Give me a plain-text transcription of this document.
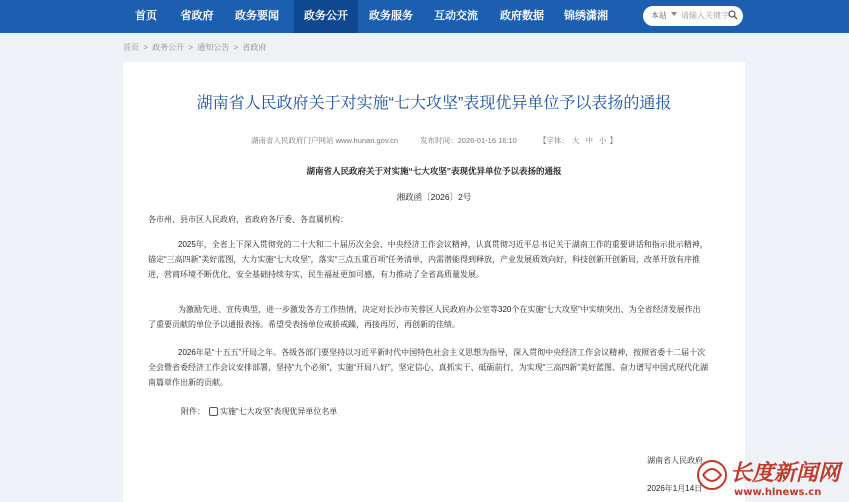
首页	省政府	政务要闻	政务公开	政务服务	互动交流	政府数据	锦绣潇湘	本站 请输入关键字
首页 > 政务公开 > 通知公告 > 省政府
湖南省人民政府关于对实施“七大攻坚”表现优异单位予以表扬的通报
湖南省人民政府门户网站 www.hunan.gov.cn	发布时间：2026-01-16 16:10	【字体： 大 中 小 】
湖南省人民政府关于对实施“七大攻坚”表现优异单位予以表扬的通报
湘政函〔2026〕2号
各市州、县市区人民政府，省政府各厅委、各直属机构：
2025年，全省上下深入贯彻党的二十大和二十届历次全会、中央经济工作会议精神，认真贯彻习近平总书记关于湖南工作的重要讲话和指示批示精神，锚定“三高四新”美好蓝图，大力实施“七大攻坚”，落实“三点五重百项”任务清单，内需潜能得到释放，产业发展质效向好，科技创新开创新局，改革开放有序推进，营商环境不断优化，安全基础持续夯实，民生福祉更加可感，有力推动了全省高质量发展。
为激励先进、宣传典型，进一步激发各方工作热情，决定对长沙市芙蓉区人民政府办公室等320个在实施“七大攻坚”中实绩突出、为全省经济发展作出了重要贡献的单位予以通报表扬。希望受表扬单位戒骄戒躁，再接再厉，再创新的佳绩。
2026年是“十五五”开局之年。各级各部门要坚持以习近平新时代中国特色社会主义思想为指导，深入贯彻中央经济工作会议精神，按照省委十二届十次全会暨省委经济工作会议安排部署，坚持“九个必须”，实施“开局八好”，坚定信心、真抓实干、砥砺前行，为实现“三高四新”美好蓝图、奋力谱写中国式现代化湖南篇章作出新的贡献。
附件： 实施“七大攻坚”表现优异单位名单
湖南省人民政府
2026年1月14日
长度新闻网
www.hlnews.cn
